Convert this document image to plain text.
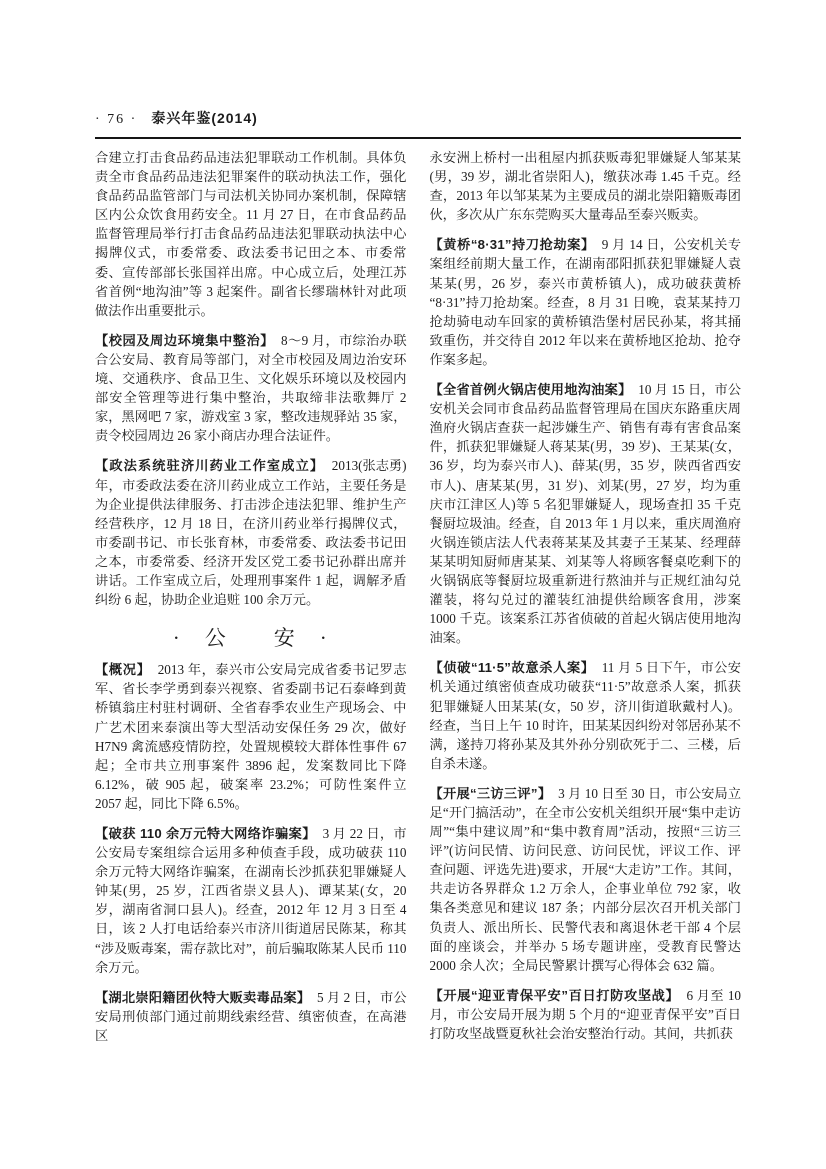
· 76 · 泰兴年鉴(2014)

合建立打击食品药品违法犯罪联动工作机制。具体负责全市食品药品违法犯罪案件的联动执法工作，强化食品药品监管部门与司法机关协同办案机制，保障辖区内公众饮食用药安全。11 月 27 日，在市食品药品监督管理局举行打击食品药品违法犯罪联动执法中心揭牌仪式，市委常委、政法委书记田之本、市委常委、宣传部部长张国祥出席。中心成立后，处理江苏省首例“地沟油”等 3 起案件。副省长缪瑞林针对此项做法作出重要批示。

【校园及周边环境集中整治】　 8～9 月，市综治办联合公安局、教育局等部门，对全市校园及周边治安环境、交通秩序、食品卫生、文化娱乐环境以及校园内部安全管理等进行集中整治，共取缔非法歌舞厅 2 家，黑网吧 7 家，游戏室 3 家，整改违规驿站 35 家，责令校园周边 26 家小商店办理合法证件。

【政法系统驻济川药业工作室成立】　	(张志勇)
2013 年，市委政法委在济川药业成立工作站，主要任务是为企业提供法律服务、打击涉企违法犯罪、维护生产经营秩序，12 月 18 日，在济川药业举行揭牌仪式，市委副书记、市长张育林，市委常委、政法委书记田之本，市委常委、经济开发区党工委书记孙群出席并讲话。工作室成立后，处理刑事案件 1 起，调解矛盾纠纷 6 起，协助企业追赃 100 余万元。

·　公　　安　·

【概况】　 2013 年，泰兴市公安局完成省委书记罗志军、省长李学勇到泰兴视察、省委副书记石泰峰到黄桥镇翁庄村驻村调研、全省春季农业生产现场会、中广艺术团来泰演出等大型活动安保任务 29 次，做好 H7N9 禽流感疫情防控，处置规模较大群体性事件 67 起；全市共立刑事案件 3896 起，发案数同比下降 6.12%，破 905 起，破案率 23.2%；可防性案件立 2057 起，同比下降 6.5%。

【破获 110 余万元特大网络诈骗案】　 3 月 22 日，市公安局专案组综合运用多种侦查手段，成功破获 110 余万元特大网络诈骗案，在湖南长沙抓获犯罪嫌疑人钟某(男，25 岁，江西省崇义县人)、谭某某(女，20 岁，湖南省洞口县人)。经查，2012 年 12 月 3 日至 4 日，该 2 人打电话给泰兴市济川街道居民陈某，称其“涉及贩毒案，需存款比对”，前后骗取陈某人民币 110 余万元。

【湖北崇阳籍团伙特大贩卖毒品案】　 5 月 2 日，市公安局刑侦部门通过前期线索经营、缜密侦查，在高港区

永安洲上桥村一出租屋内抓获贩毒犯罪嫌疑人邹某某(男，39 岁，湖北省崇阳人)，缴获冰毒 1.45 千克。经查，2013 年以邹某某为主要成员的湖北崇阳籍贩毒团伙，多次从广东东莞购买大量毒品至泰兴贩卖。

【黄桥“8·31”持刀抢劫案】　 9 月 14 日，公安机关专案组经前期大量工作，在湖南邵阳抓获犯罪嫌疑人袁某某(男，26 岁，泰兴市黄桥镇人)，成功破获黄桥“8·31”持刀抢劫案。经查，8 月 31 日晚，袁某某持刀抢劫骑电动车回家的黄桥镇浩堡村居民孙某，将其捅致重伤，并交待自 2012 年以来在黄桥地区抢劫、抢夺作案多起。

【全省首例火锅店使用地沟油案】　 10 月 15 日，市公安机关会同市食品药品监督管理局在国庆东路重庆周渔府火锅店查获一起涉嫌生产、销售有毒有害食品案件，抓获犯罪嫌疑人蒋某某(男，39 岁)、王某某(女，36 岁，均为泰兴市人)、薛某(男，35 岁，陕西省西安市人)、唐某某(男，31 岁)、刘某(男，27 岁，均为重庆市江津区人)等 5 名犯罪嫌疑人，现场查扣 35 千克餐厨垃圾油。经查，自 2013 年 1 月以来，重庆周渔府火锅连锁店法人代表蒋某某及其妻子王某某、经理薛某某明知厨师唐某某、刘某等人将顾客餐桌吃剩下的火锅锅底等餐厨垃圾重新进行熬油并与正规红油勾兑灌装，将勾兑过的灌装红油提供给顾客食用，涉案 1000 千克。该案系江苏省侦破的首起火锅店使用地沟油案。

【侦破“11·5”故意杀人案】　 11 月 5 日下午，市公安机关通过缜密侦查成功破获“11·5”故意杀人案，抓获犯罪嫌疑人田某某(女，50 岁，济川街道耿戴村人)。经查，当日上午 10 时许，田某某因纠纷对邻居孙某不满，遂持刀将孙某及其外孙分别砍死于二、三楼，后自杀未遂。

【开展“三访三评”】　 3 月 10 日至 30 日，市公安局立足“开门搞活动”，在全市公安机关组织开展“集中走访周”“集中建议周”和“集中教育周”活动，按照“三访三评”(访问民情、访问民意、访问民忧，评议工作、评查问题、评选先进)要求，开展“大走访”工作。其间，共走访各界群众 1.2 万余人，企事业单位 792 家，收集各类意见和建议 187 条；内部分层次召开机关部门负责人、派出所长、民警代表和离退休老干部 4 个层面的座谈会，并举办 5 场专题讲座，受教育民警达 2000 余人次；全局民警累计撰写心得体会 632 篇。

【开展“迎亚青保平安”百日打防攻坚战】　 6 月至 10 月，市公安局开展为期 5 个月的“迎亚青保平安”百日打防攻坚战暨夏秋社会治安整治行动。其间，共抓获
